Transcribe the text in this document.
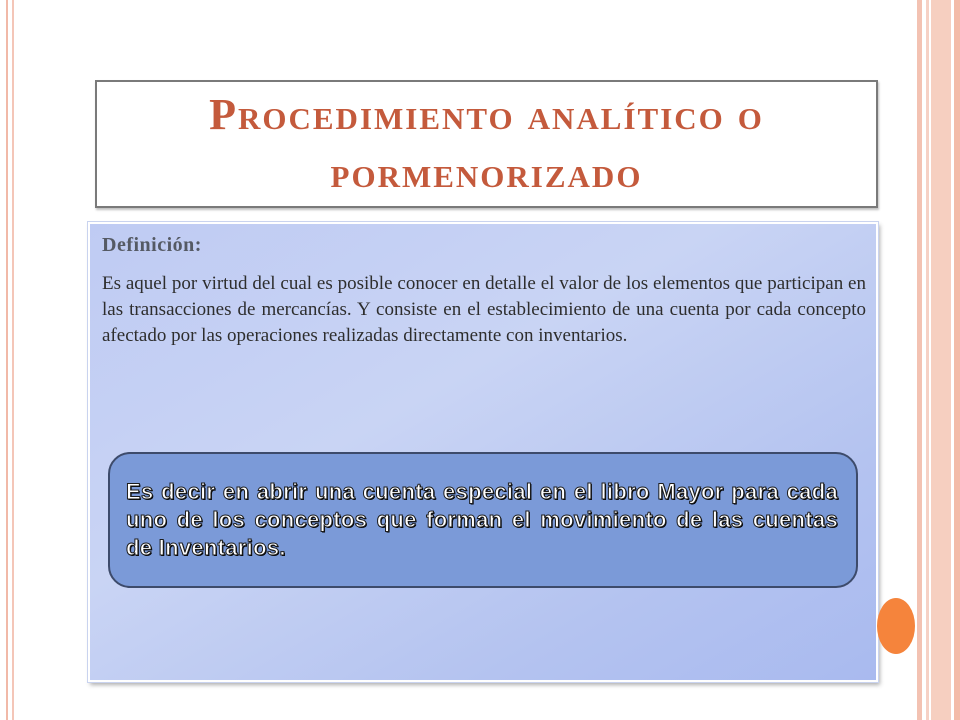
Procedimiento analítico o pormenorizado

Definición:

Es aquel por virtud del cual es posible conocer en detalle el valor de los elementos que participan en las transacciones de mercancías. Y consiste en el establecimiento de una cuenta por cada concepto afectado por las operaciones realizadas directamente con inventarios.

Es decir en abrir una cuenta especial en el libro Mayor para cada uno de los conceptos que forman el movimiento de las cuentas de Inventarios.
